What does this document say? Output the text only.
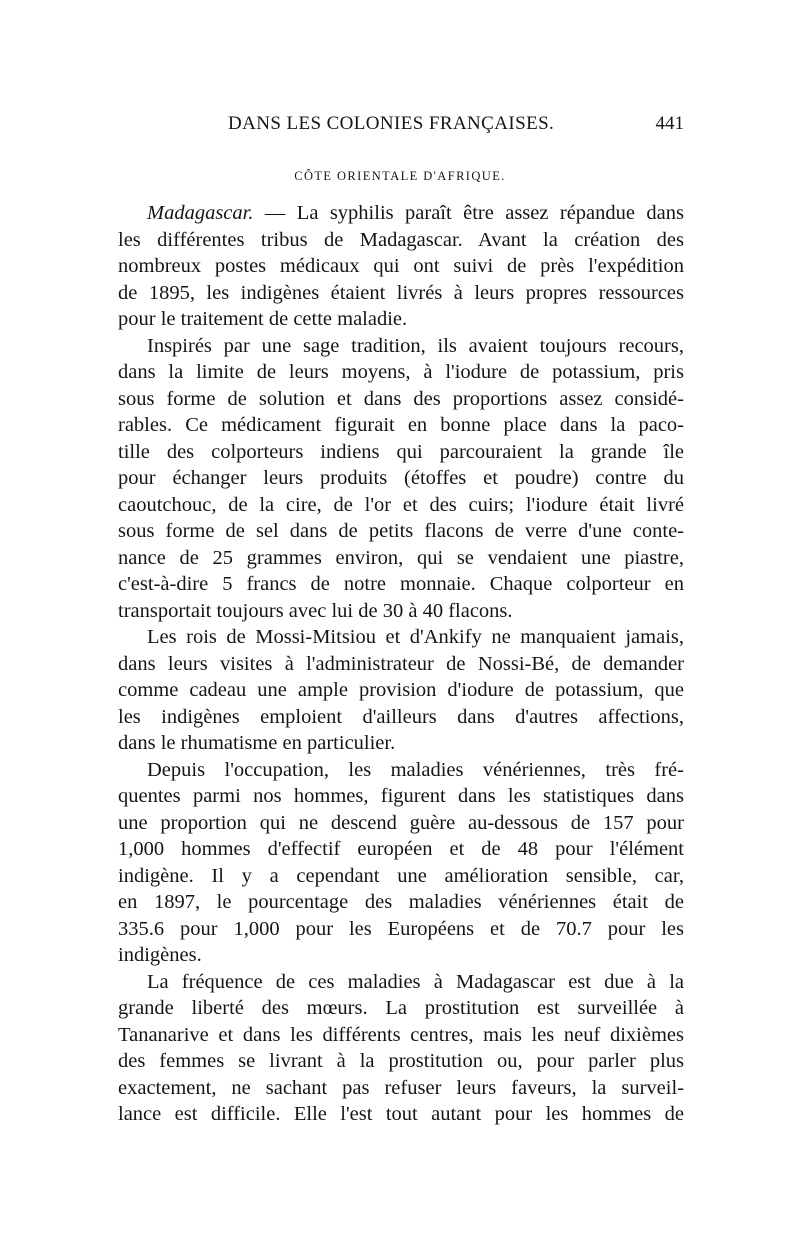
DANS LES COLONIES FRANÇAISES.	441
CÔTE ORIENTALE D'AFRIQUE.
Madagascar. — La syphilis paraît être assez répandue dans
les différentes tribus de Madagascar. Avant la création des
nombreux postes médicaux qui ont suivi de près l'expédition
de 1895, les indigènes étaient livrés à leurs propres ressources
pour le traitement de cette maladie.
Inspirés par une sage tradition, ils avaient toujours recours,
dans la limite de leurs moyens, à l'iodure de potassium, pris
sous forme de solution et dans des proportions assez considé-
rables. Ce médicament figurait en bonne place dans la paco-
tille des colporteurs indiens qui parcouraient la grande île
pour échanger leurs produits (étoffes et poudre) contre du
caoutchouc, de la cire, de l'or et des cuirs; l'iodure était livré
sous forme de sel dans de petits flacons de verre d'une conte-
nance de 25 grammes environ, qui se vendaient une piastre,
c'est-à-dire 5 francs de notre monnaie. Chaque colporteur en
transportait toujours avec lui de 30 à 40 flacons.
Les rois de Mossi-Mitsiou et d'Ankify ne manquaient jamais,
dans leurs visites à l'administrateur de Nossi-Bé, de demander
comme cadeau une ample provision d'iodure de potassium, que
les indigènes emploient d'ailleurs dans d'autres affections,
dans le rhumatisme en particulier.
Depuis l'occupation, les maladies vénériennes, très fré-
quentes parmi nos hommes, figurent dans les statistiques dans
une proportion qui ne descend guère au-dessous de 157 pour
1,000 hommes d'effectif européen et de 48 pour l'élément
indigène. Il y a cependant une amélioration sensible, car,
en 1897, le pourcentage des maladies vénériennes était de
335.6 pour 1,000 pour les Européens et de 70.7 pour les
indigènes.
La fréquence de ces maladies à Madagascar est due à la
grande liberté des mœurs. La prostitution est surveillée à
Tananarive et dans les différents centres, mais les neuf dixièmes
des femmes se livrant à la prostitution ou, pour parler plus
exactement, ne sachant pas refuser leurs faveurs, la surveil-
lance est difficile. Elle l'est tout autant pour les hommes de
